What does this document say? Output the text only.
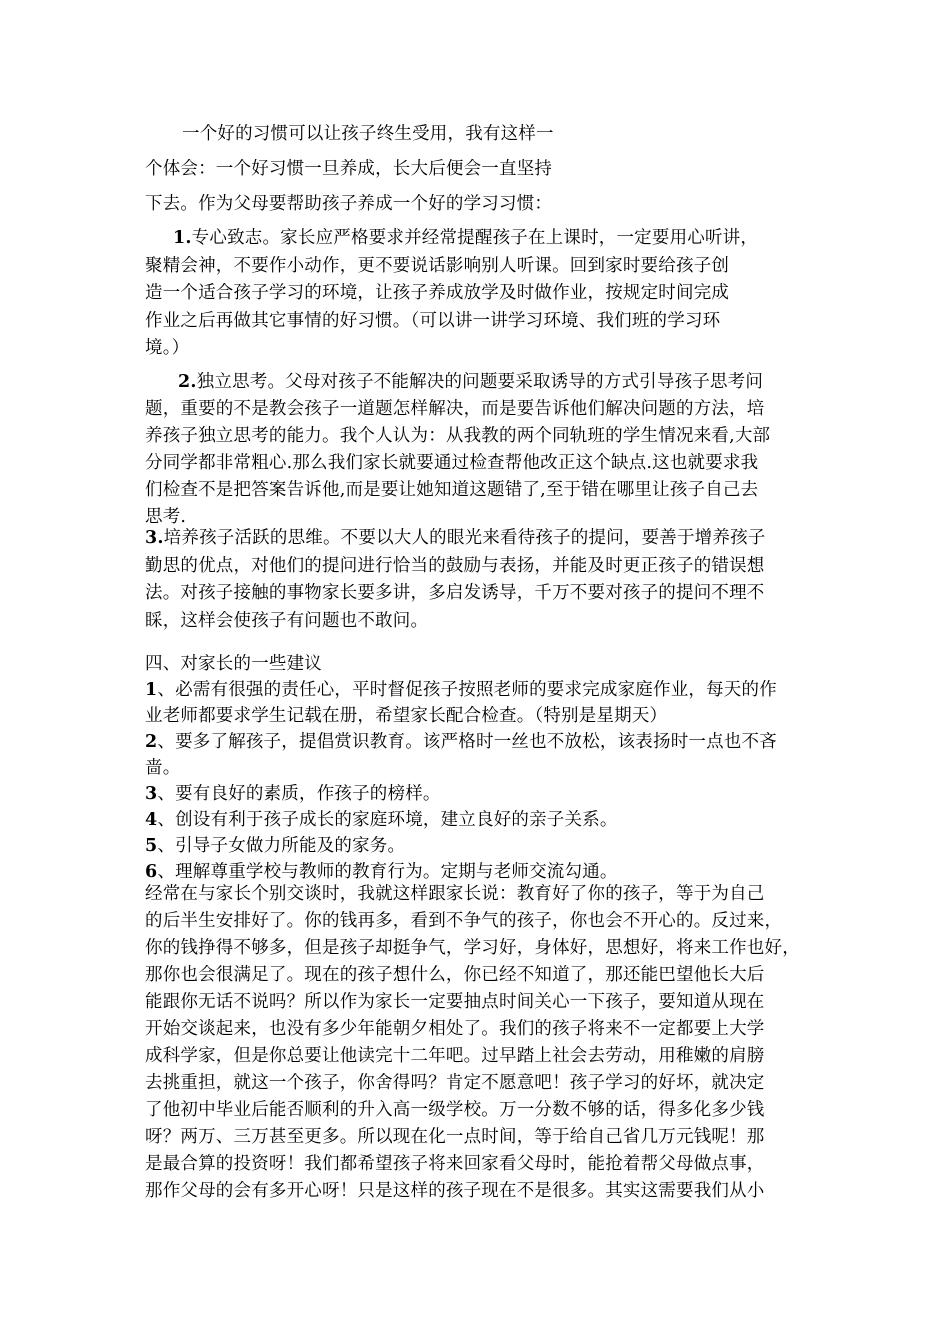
一个好的习惯可以让孩子终生受用，我有这样一
个体会：一个好习惯一旦养成，长大后便会一直坚持
下去。作为父母要帮助孩子养成一个好的学习习惯：
1.专心致志。家长应严格要求并经常提醒孩子在上课时，一定要用心听讲，
聚精会神，不要作小动作，更不要说话影响别人听课。回到家时要给孩子创
造一个适合孩子学习的环境，让孩子养成放学及时做作业，按规定时间完成
作业之后再做其它事情的好习惯。（可以讲一讲学习环境、我们班的学习环
境。）
2.独立思考。父母对孩子不能解决的问题要采取诱导的方式引导孩子思考问
题，重要的不是教会孩子一道题怎样解决，而是要告诉他们解决问题的方法，培
养孩子独立思考的能力。我个人认为：从我教的两个同轨班的学生情况来看,大部
分同学都非常粗心.那么我们家长就要通过检查帮他改正这个缺点.这也就要求我
们检查不是把答案告诉他,而是要让她知道这题错了,至于错在哪里让孩子自己去
思考.
3.培养孩子活跃的思维。不要以大人的眼光来看待孩子的提问，要善于增养孩子
勤思的优点，对他们的提问进行恰当的鼓励与表扬，并能及时更正孩子的错误想
法。对孩子接触的事物家长要多讲，多启发诱导，千万不要对孩子的提问不理不
睬，这样会使孩子有问题也不敢问。
四、对家长的一些建议
1、必需有很强的责任心，平时督促孩子按照老师的要求完成家庭作业，每天的作
业老师都要求学生记载在册，希望家长配合检查。（特别是星期天）
2、要多了解孩子，提倡赏识教育。该严格时一丝也不放松，该表扬时一点也不吝
啬。
3、要有良好的素质，作孩子的榜样。
4、创设有利于孩子成长的家庭环境，建立良好的亲子关系。
5、引导子女做力所能及的家务。
6、理解尊重学校与教师的教育行为。定期与老师交流勾通。
经常在与家长个别交谈时，我就这样跟家长说：教育好了你的孩子，等于为自己
的后半生安排好了。你的钱再多，看到不争气的孩子，你也会不开心的。反过来，
你的钱挣得不够多，但是孩子却挺争气，学习好，身体好，思想好，将来工作也好，
那你也会很满足了。现在的孩子想什么，你已经不知道了，那还能巴望他长大后
能跟你无话不说吗？所以作为家长一定要抽点时间关心一下孩子，要知道从现在
开始交谈起来，也没有多少年能朝夕相处了。我们的孩子将来不一定都要上大学
成科学家，但是你总要让他读完十二年吧。过早踏上社会去劳动，用稚嫩的肩膀
去挑重担，就这一个孩子，你舍得吗？肯定不愿意吧！孩子学习的好坏，就决定
了他初中毕业后能否顺利的升入高一级学校。万一分数不够的话，得多化多少钱
呀？两万、三万甚至更多。所以现在化一点时间，等于给自己省几万元钱呢！那
是最合算的投资呀！我们都希望孩子将来回家看父母时，能抢着帮父母做点事，
那作父母的会有多开心呀！只是这样的孩子现在不是很多。其实这需要我们从小
